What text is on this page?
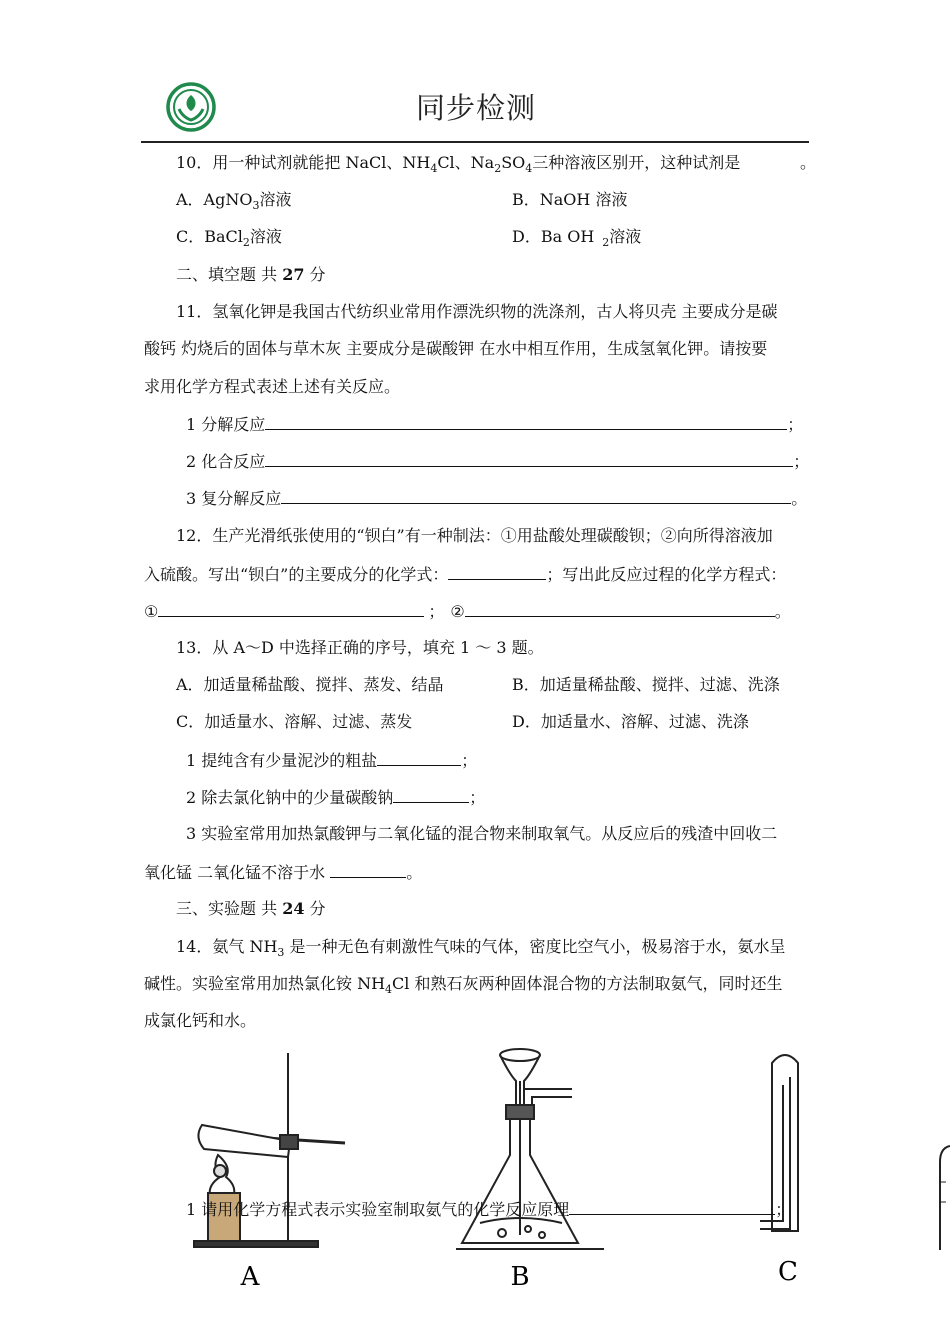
同步检测
10．用一种试剂就能把 NaCl、$NH_4Cl$、$Na_2SO_4$三种溶液区别开，这种试剂是	。
A．AgNO$_3$溶液	B．NaOH 溶液
C．BaCl$_2$溶液	D．Ba OH $_2$溶液
二、填空题 共 27 分
11．氢氧化钾是我国古代纺织业常用作漂洗织物的洗涤剂，古人将贝壳 主要成分是碳
酸钙 灼烧后的固体与草木灰 主要成分是碳酸钾 在水中相互作用，生成氢氧化钾。请按要
求用化学方程式表述上述有关反应。
1 分解反应	；
2 化合反应	；
3 复分解反应	。
12．生产光滑纸张使用的“钡白”有一种制法：①用盐酸处理碳酸钡；②向所得溶液加
入硫酸。写出“钡白”的主要成分的化学式：	；写出此反应过程的化学方程式：
①	； ②	。
13．从 A～D 中选择正确的序号，填充 1 ～ 3 题。
A．加适量稀盐酸、搅拌、蒸发、结晶	B．加适量稀盐酸、搅拌、过滤、洗涤
C．加适量水、溶解、过滤、蒸发	D．加适量水、溶解、过滤、洗涤
1 提纯含有少量泥沙的粗盐	；
2 除去氯化钠中的少量碳酸钠	；
3 实验室常用加热氯酸钾与二氧化锰的混合物来制取氧气。从反应后的残渣中回收二
氧化锰 二氧化锰不溶于水	。
三、实验题 共 24 分
14．氨气 $NH_3$ 是一种无色有刺激性气味的气体，密度比空气小，极易溶于水，氨水呈
碱性。实验室常用加热氯化铵 $NH_4Cl$ 和熟石灰两种固体混合物的方法制取氨气，同时还生
成氯化钙和水。
A	B	C
1 请用化学方程式表示实验室制取氨气的化学反应原理	；
